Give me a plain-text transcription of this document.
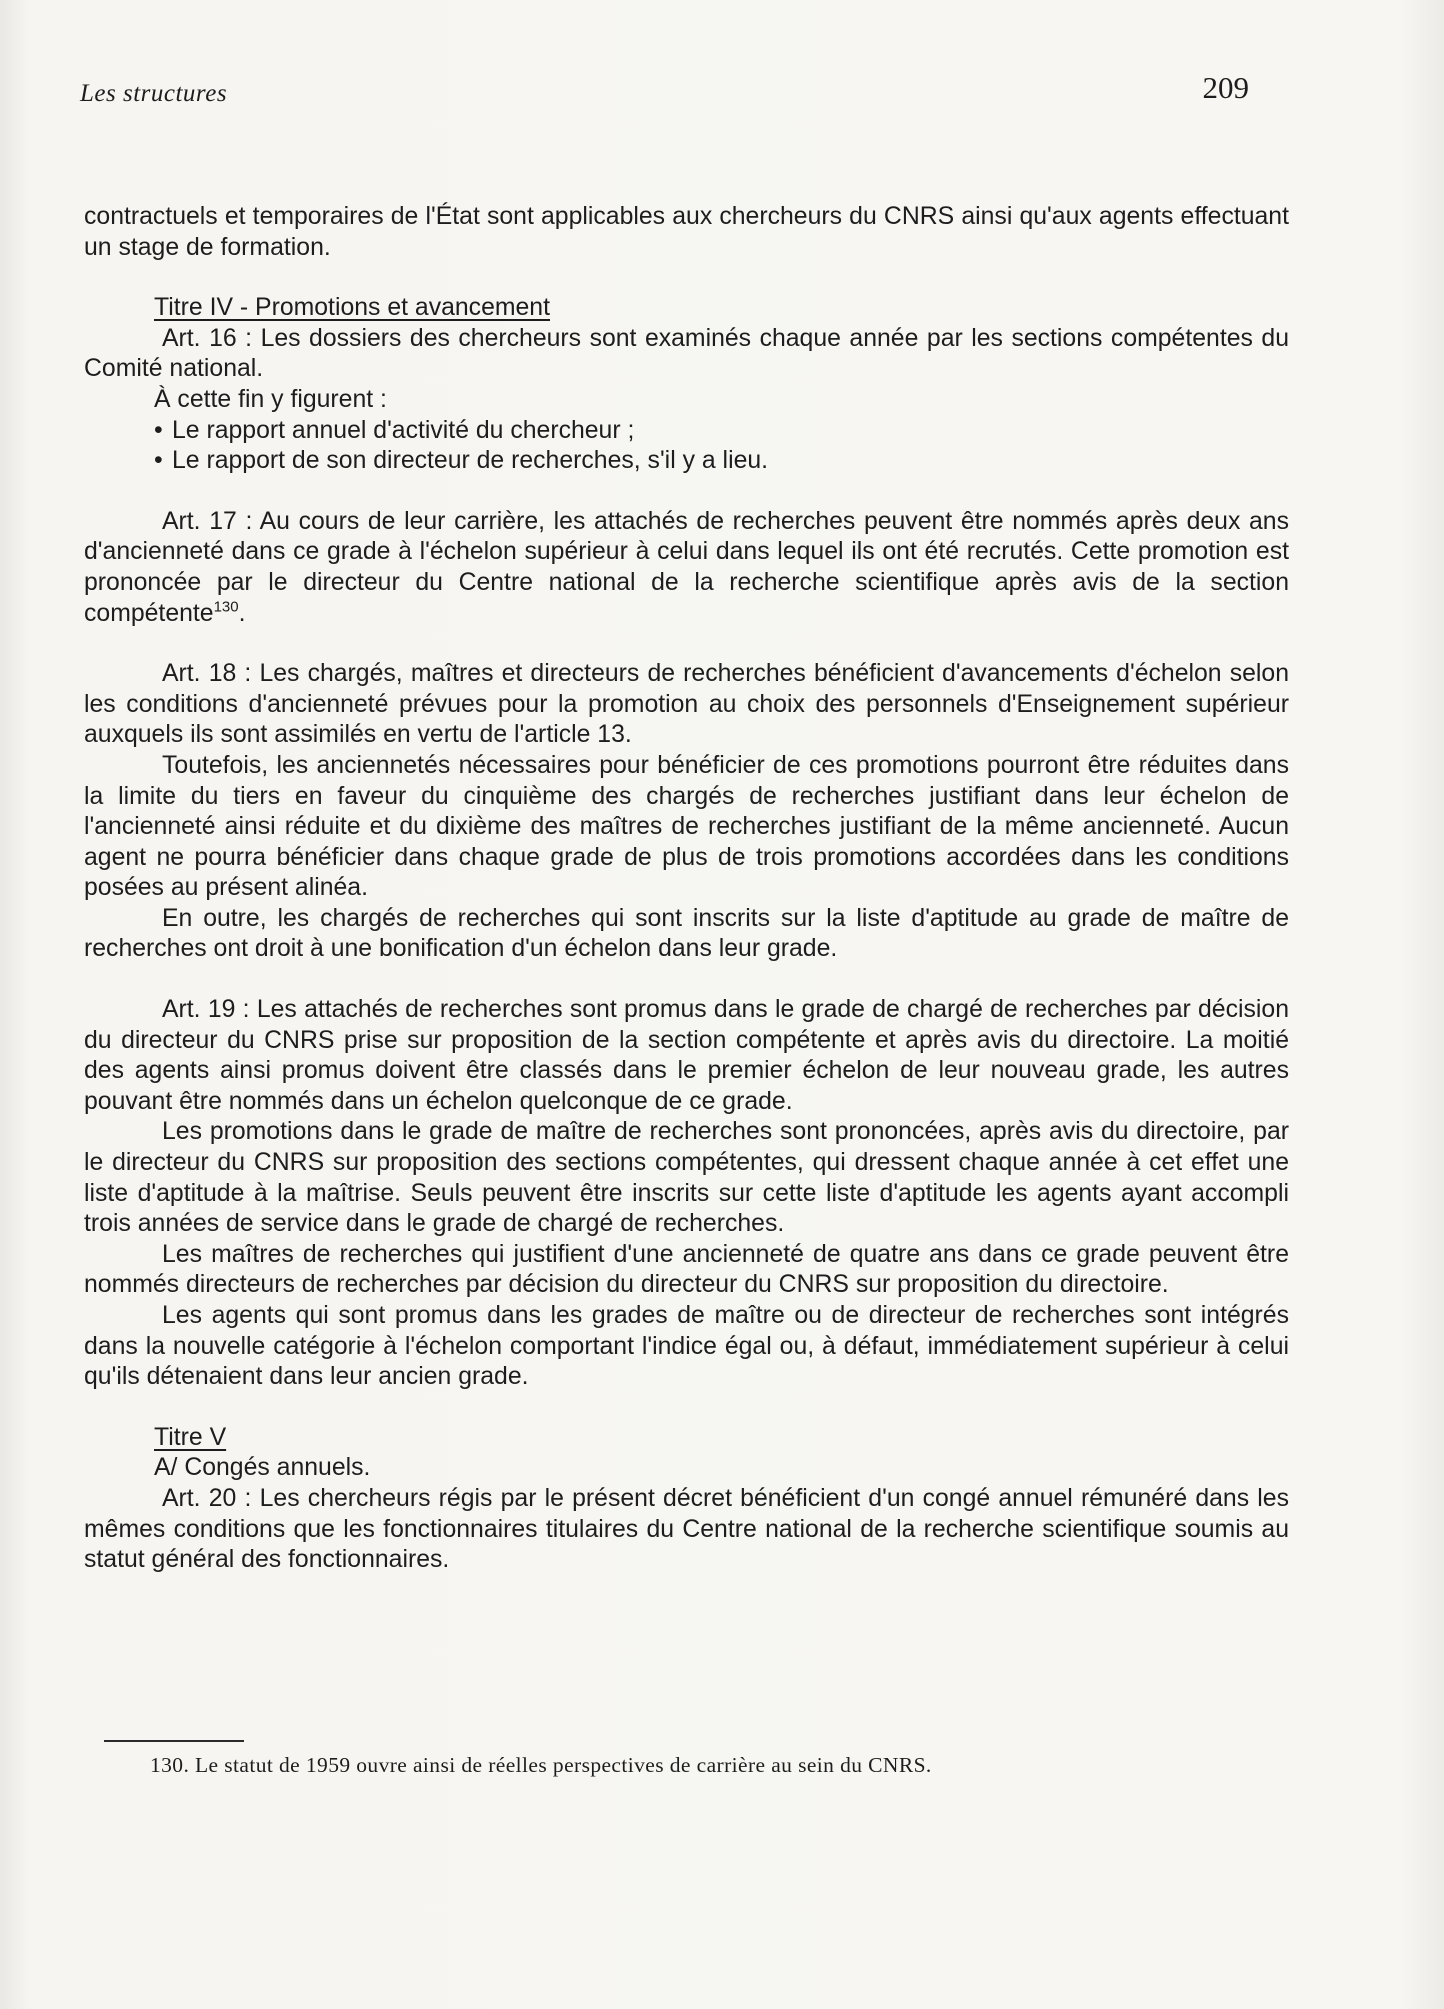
Les structures	209

contractuels et temporaires de l'État sont applicables aux chercheurs du CNRS ainsi qu'aux agents effectuant un stage de formation.

Titre IV - Promotions et avancement

Art. 16 : Les dossiers des chercheurs sont examinés chaque année par les sections compétentes du Comité national.

À cette fin y figurent :

• Le rapport annuel d'activité du chercheur ;

• Le rapport de son directeur de recherches, s'il y a lieu.

Art. 17 : Au cours de leur carrière, les attachés de recherches peuvent être nommés après deux ans d'ancienneté dans ce grade à l'échelon supérieur à celui dans lequel ils ont été recrutés. Cette promotion est prononcée par le directeur du Centre national de la recherche scientifique après avis de la section compétente$^{130}$.

Art. 18 : Les chargés, maîtres et directeurs de recherches bénéficient d'avancements d'échelon selon les conditions d'ancienneté prévues pour la promotion au choix des personnels d'Enseignement supérieur auxquels ils sont assimilés en vertu de l'article 13.

Toutefois, les anciennetés nécessaires pour bénéficier de ces promotions pourront être réduites dans la limite du tiers en faveur du cinquième des chargés de recherches justifiant dans leur échelon de l'ancienneté ainsi réduite et du dixième des maîtres de recherches justifiant de la même ancienneté. Aucun agent ne pourra bénéficier dans chaque grade de plus de trois promotions accordées dans les conditions posées au présent alinéa.

En outre, les chargés de recherches qui sont inscrits sur la liste d'aptitude au grade de maître de recherches ont droit à une bonification d'un échelon dans leur grade.

Art. 19 : Les attachés de recherches sont promus dans le grade de chargé de recherches par décision du directeur du CNRS prise sur proposition de la section compétente et après avis du directoire. La moitié des agents ainsi promus doivent être classés dans le premier échelon de leur nouveau grade, les autres pouvant être nommés dans un échelon quelconque de ce grade.

Les promotions dans le grade de maître de recherches sont prononcées, après avis du directoire, par le directeur du CNRS sur proposition des sections compétentes, qui dressent chaque année à cet effet une liste d'aptitude à la maîtrise. Seuls peuvent être inscrits sur cette liste d'aptitude les agents ayant accompli trois années de service dans le grade de chargé de recherches.

Les maîtres de recherches qui justifient d'une ancienneté de quatre ans dans ce grade peuvent être nommés directeurs de recherches par décision du directeur du CNRS sur proposition du directoire.

Les agents qui sont promus dans les grades de maître ou de directeur de recherches sont intégrés dans la nouvelle catégorie à l'échelon comportant l'indice égal ou, à défaut, immédiatement supérieur à celui qu'ils détenaient dans leur ancien grade.

Titre V

A/ Congés annuels.

Art. 20 : Les chercheurs régis par le présent décret bénéficient d'un congé annuel rémunéré dans les mêmes conditions que les fonctionnaires titulaires du Centre national de la recherche scientifique soumis au statut général des fonctionnaires.

130. Le statut de 1959 ouvre ainsi de réelles perspectives de carrière au sein du CNRS.
